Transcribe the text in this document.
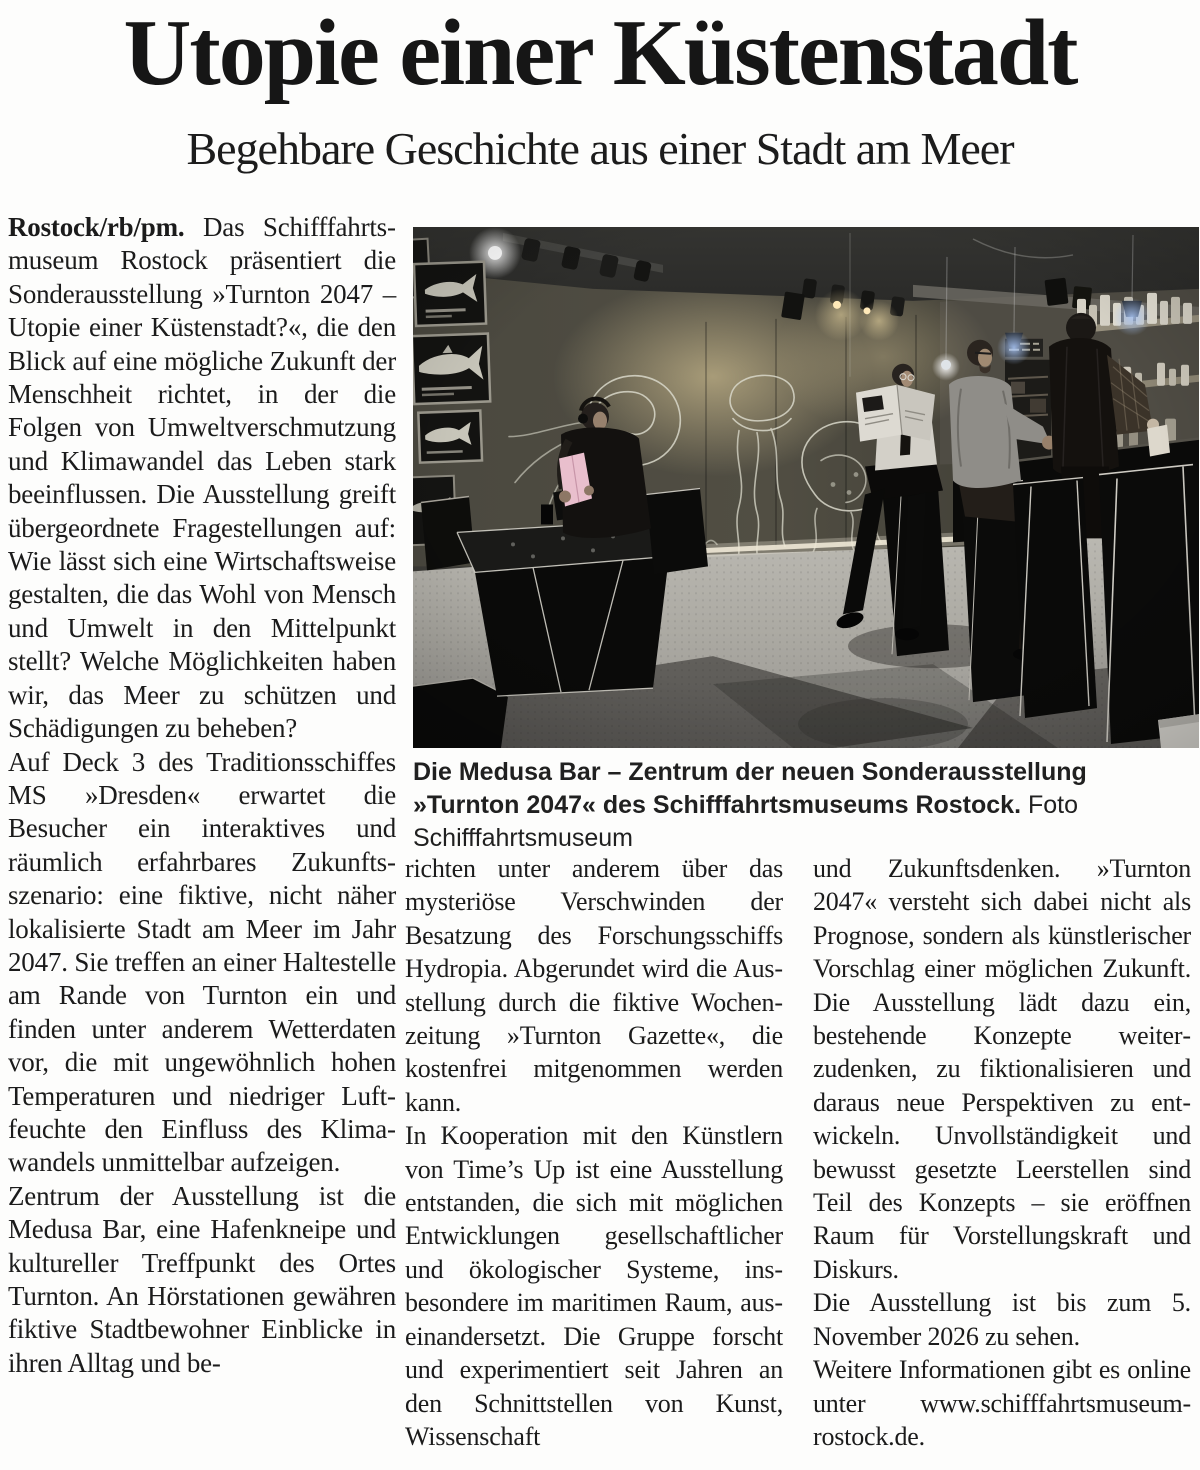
Utopie einer Küstenstadt
Begehbare Geschichte aus einer Stadt am Meer

Rostock/rb/pm. Das Schifffahrtsmuseum Rostock präsentiert die Sonderausstellung »Turnton 2047 – Utopie einer Küstenstadt?«, die den Blick auf eine mögliche Zukunft der Menschheit richtet, in der die Folgen von Umweltverschmutzung und Klimawandel das Leben stark beeinflussen. Die Ausstellung greift übergeordnete Fragestellungen auf: Wie lässt sich eine Wirtschaftsweise gestalten, die das Wohl von Mensch und Umwelt in den Mittelpunkt stellt? Welche Möglichkeiten haben wir, das Meer zu schützen und Schädigungen zu beheben?

Auf Deck 3 des Traditionsschiffes MS »Dresden« erwartet die Besucher ein interaktives und räumlich erfahrbares Zukunftsszenario: eine fiktive, nicht näher lokalisierte Stadt am Meer im Jahr 2047. Sie treffen an einer Haltestelle am Rande von Turnton ein und finden unter anderem Wetterdaten vor, die mit ungewöhnlich hohen Temperaturen und niedriger Luftfeuchte den Einfluss des Klimawandels unmittelbar aufzeigen.

Zentrum der Ausstellung ist die Medusa Bar, eine Hafenkneipe und kultureller Treffpunkt des Ortes Turnton. An Hörstationen gewähren fiktive Stadtbewohner Einblicke in ihren Alltag und be-

Die Medusa Bar – Zentrum der neuen Sonderausstellung »Turnton 2047« des Schifffahrtsmuseums Rostock. Foto Schifffahrtsmuseum

richten unter anderem über das mysteriöse Verschwinden der Besatzung des Forschungsschiffs Hydropia. Abgerundet wird die Ausstellung durch die fiktive Wochenzeitung »Turnton Gazette«, die kostenfrei mitgenommen werden kann.

In Kooperation mit den Künstlern von Time’s Up ist eine Ausstellung entstanden, die sich mit möglichen Entwicklungen gesellschaftlicher und ökologischer Systeme, insbesondere im maritimen Raum, auseinandersetzt. Die Gruppe forscht und experimentiert seit Jahren an den Schnittstellen von Kunst, Wissenschaft

und Zukunftsdenken. »Turnton 2047« versteht sich dabei nicht als Prognose, sondern als künstlerischer Vorschlag einer möglichen Zukunft. Die Ausstellung lädt dazu ein, bestehende Konzepte weiterzudenken, zu fiktionalisieren und daraus neue Perspektiven zu entwickeln. Unvollständigkeit und bewusst gesetzte Leerstellen sind Teil des Konzepts – sie eröffnen Raum für Vorstellungskraft und Diskurs.

Die Ausstellung ist bis zum 5. November 2026 zu sehen.

Weitere Informationen gibt es online unter www.schifffahrts​museum-rostock.de.
